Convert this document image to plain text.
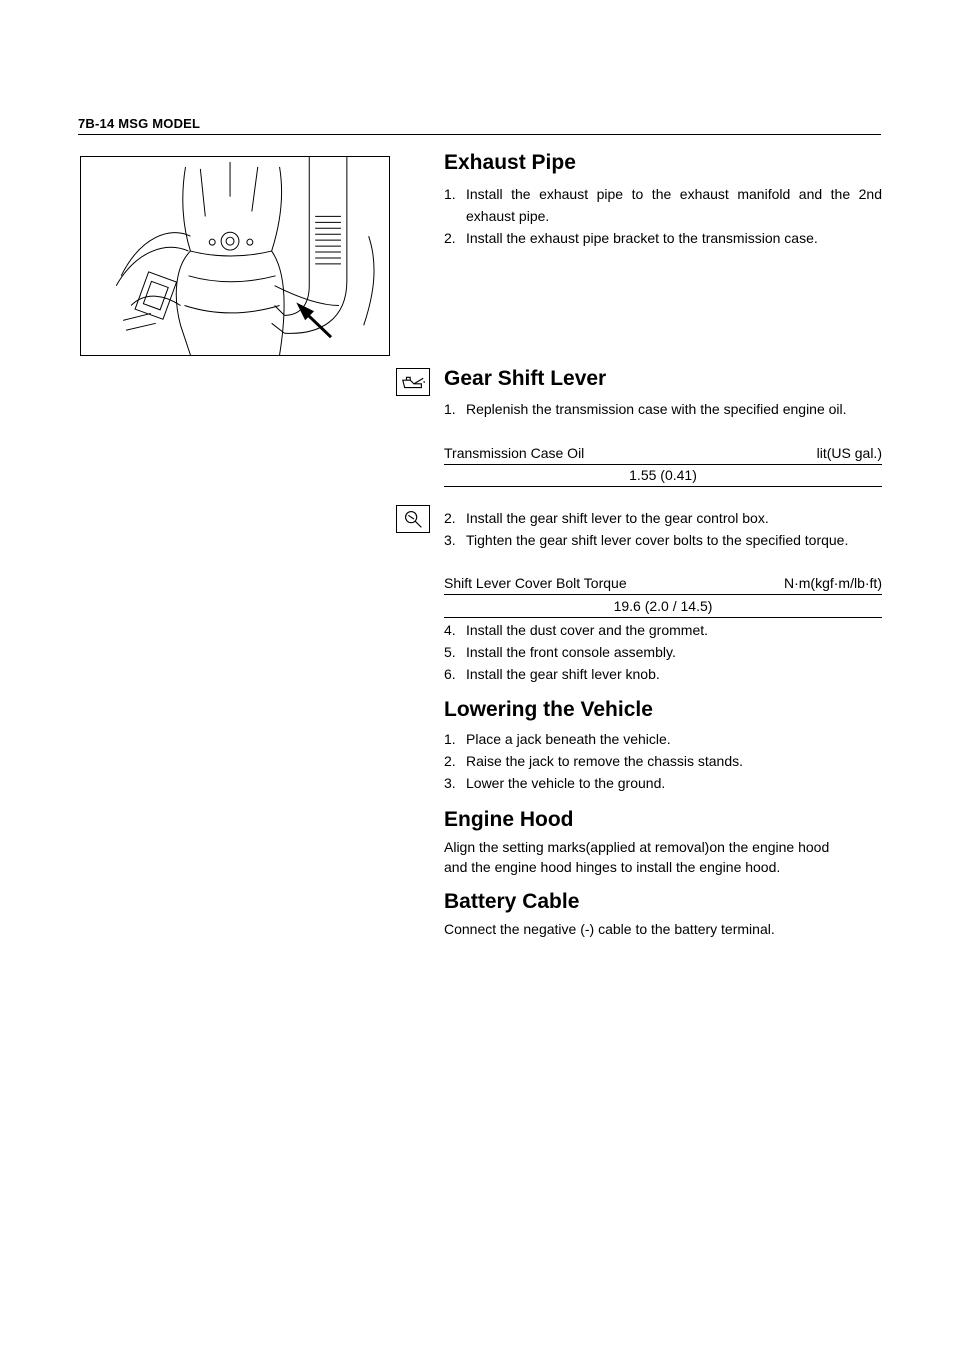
7B-14 MSG MODEL
Exhaust Pipe
1. Install the exhaust pipe to the exhaust manifold and the 2nd exhaust pipe.
2. Install the exhaust pipe bracket to the transmission case.
Gear Shift Lever
1. Replenish the transmission case with the specified engine oil.
Transmission Case Oil	lit(US gal.)
1.55 (0.41)
2. Install the gear shift lever to the gear control box.
3. Tighten the gear shift lever cover bolts to the specified torque.
Shift Lever Cover Bolt Torque	N·m(kgf·m/lb·ft)
19.6 (2.0 / 14.5)
4. Install the dust cover and the grommet.
5. Install the front console assembly.
6. Install the gear shift lever knob.
Lowering the Vehicle
1. Place a jack beneath the vehicle.
2. Raise the jack to remove the chassis stands.
3. Lower the vehicle to the ground.
Engine Hood
Align the setting marks(applied at removal)on the engine hood and the engine hood hinges to install the engine hood.
Battery Cable
Connect the negative (-) cable to the battery terminal.
